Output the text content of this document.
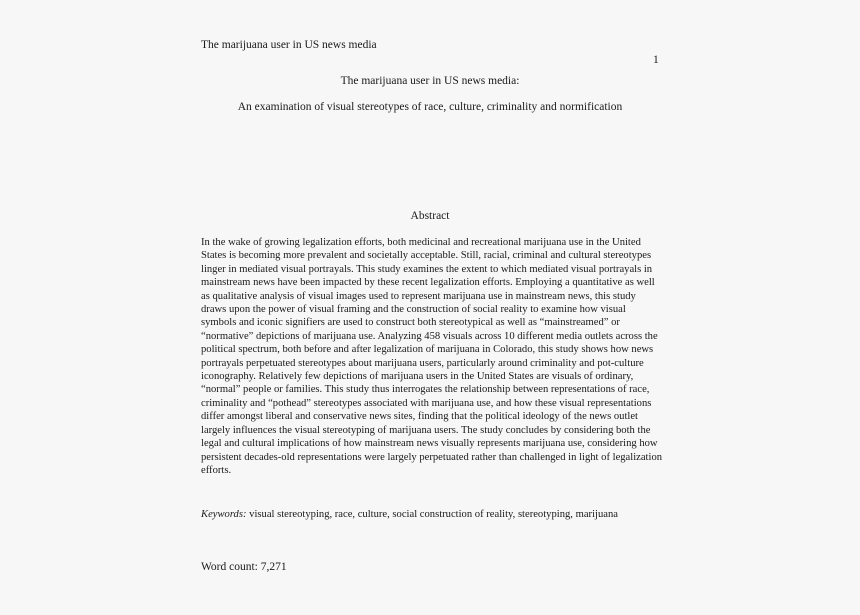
The marijuana user in US news media
1
The marijuana user in US news media:
An examination of visual stereotypes of race, culture, criminality and normification
Abstract
In the wake of growing legalization efforts, both medicinal and recreational marijuana use in the United States is becoming more prevalent and societally acceptable. Still, racial, criminal and cultural stereotypes linger in mediated visual portrayals. This study examines the extent to which mediated visual portrayals in mainstream news have been impacted by these recent legalization efforts. Employing a quantitative as well as qualitative analysis of visual images used to represent marijuana use in mainstream news, this study draws upon the power of visual framing and the construction of social reality to examine how visual symbols and iconic signifiers are used to construct both stereotypical as well as “mainstreamed” or “normative” depictions of marijuana use. Analyzing 458 visuals across 10 different media outlets across the political spectrum, both before and after legalization of marijuana in Colorado, this study shows how news portrayals perpetuated stereotypes about marijuana users, particularly around criminality and pot-culture iconography. Relatively few depictions of marijuana users in the United States are visuals of ordinary, “normal” people or families. This study thus interrogates the relationship between representations of race, criminality and “pothead” stereotypes associated with marijuana use, and how these visual representations differ amongst liberal and conservative news sites, finding that the political ideology of the news outlet largely influences the visual stereotyping of marijuana users. The study concludes by considering both the legal and cultural implications of how mainstream news visually represents marijuana use, considering how persistent decades-old representations were largely perpetuated rather than challenged in light of legalization efforts.
Keywords: visual stereotyping, race, culture, social construction of reality, stereotyping, marijuana
Word count: 7,271
